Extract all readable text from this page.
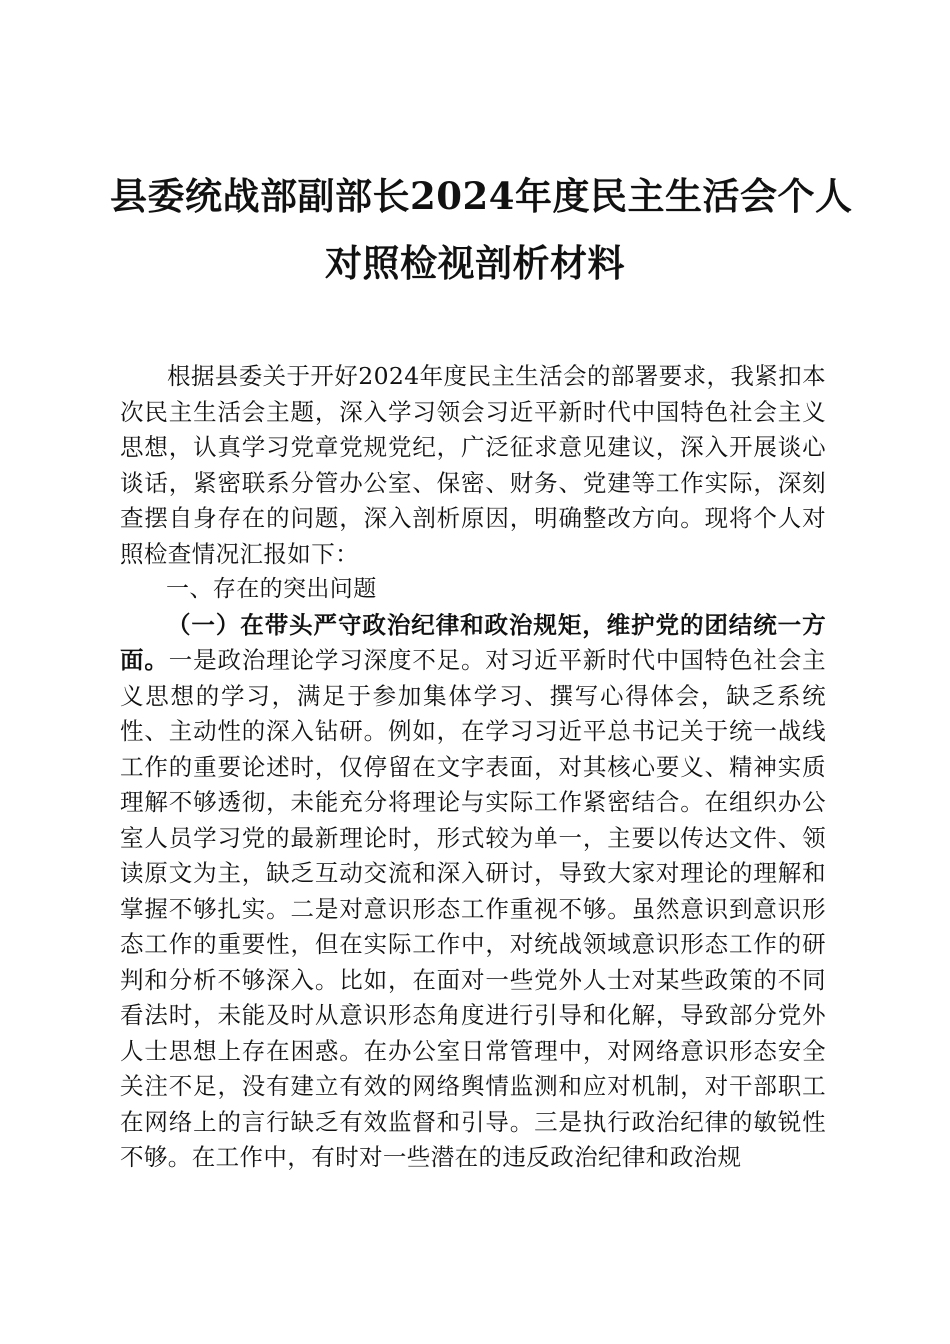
县委统战部副部长2024年度民主生活会个人
对照检视剖析材料

根据县委关于开好2024年度民主生活会的部署要求，我紧扣本次民主生活会主题，深入学习领会习近平新时代中国特色社会主义思想，认真学习党章党规党纪，广泛征求意见建议，深入开展谈心谈话，紧密联系分管办公室、保密、财务、党建等工作实际，深刻查摆自身存在的问题，深入剖析原因，明确整改方向。现将个人对照检查情况汇报如下：

一、存在的突出问题

（一）在带头严守政治纪律和政治规矩，维护党的团结统一方面。一是政治理论学习深度不足。对习近平新时代中国特色社会主义思想的学习，满足于参加集体学习、撰写心得体会，缺乏系统性、主动性的深入钻研。例如，在学习习近平总书记关于统一战线工作的重要论述时，仅停留在文字表面，对其核心要义、精神实质理解不够透彻，未能充分将理论与实际工作紧密结合。在组织办公室人员学习党的最新理论时，形式较为单一，主要以传达文件、领读原文为主，缺乏互动交流和深入研讨，导致大家对理论的理解和掌握不够扎实。二是对意识形态工作重视不够。虽然意识到意识形态工作的重要性，但在实际工作中，对统战领域意识形态工作的研判和分析不够深入。比如，在面对一些党外人士对某些政策的不同看法时，未能及时从意识形态角度进行引导和化解，导致部分党外人士思想上存在困惑。在办公室日常管理中，对网络意识形态安全关注不足，没有建立有效的网络舆情监测和应对机制，对干部职工在网络上的言行缺乏有效监督和引导。三是执行政治纪律的敏锐性不够。在工作中，有时对一些潜在的违反政治纪律和政治规
